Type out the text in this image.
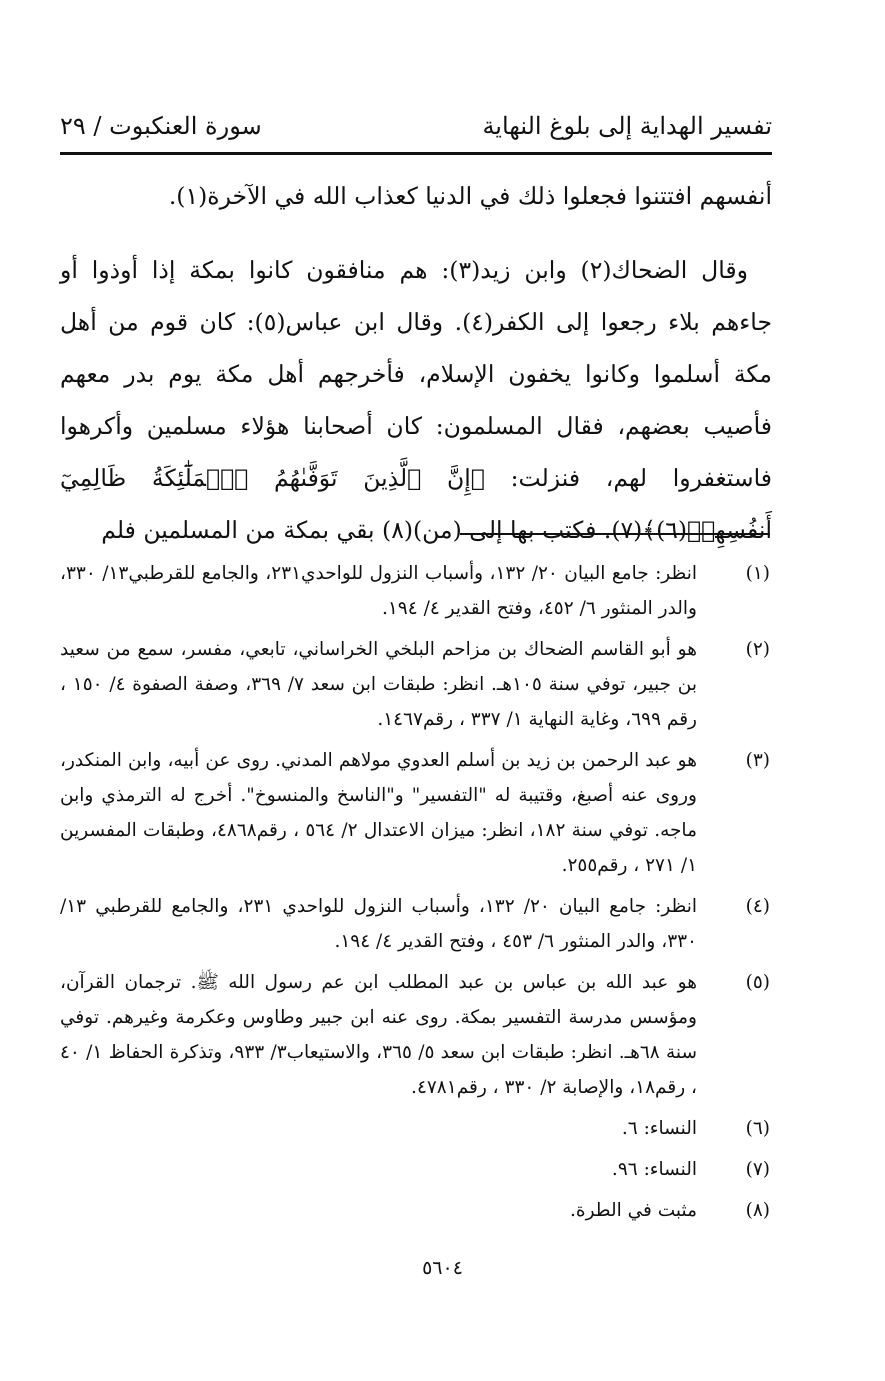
تفسير الهداية إلى بلوغ النهاية
سورة العنكبوت / ٢٩

أنفسهم افتتنوا فجعلوا ذلك في الدنيا كعذاب الله في الآخرة(١).

وقال الضحاك(٢) وابن زيد(٣): هم منافقون كانوا بمكة إذا أوذوا أو جاءهم بلاء رجعوا إلى الكفر(٤). وقال ابن عباس(٥): كان قوم من أهل مكة أسلموا وكانوا يخفون الإسلام، فأخرجهم أهل مكة يوم بدر معهم فأصيب بعضهم، فقال المسلمون: كان أصحابنا هؤلاء مسلمين وأكرهوا فاستغفروا لهم، فنزلت: ﴿إِنَّ ٱلَّذِينَ تَوَفَّىٰهُمُ ٱلۡمَلَٰٓئِكَةُ ظَالِمِيٓ أَنفُسِهِمۡ(٦)﴾(٧). فكتب بها إلى (من)(٨) بقي بمكة من المسلمين فلم

(١)
انظر: جامع البيان ٢٠/ ١٣٢، وأسباب النزول للواحدي٢٣١، والجامع للقرطبي١٣/ ٣٣٠، والدر المنثور ٦/ ٤٥٢، وفتح القدير ٤/ ١٩٤.
(٢)
هو أبو القاسم الضحاك بن مزاحم البلخي الخراساني، تابعي، مفسر، سمع من سعيد بن جبير، توفي سنة ١٠٥هـ. انظر: طبقات ابن سعد ٧/ ٣٦٩، وصفة الصفوة ٤/ ١٥٠ ، رقم ٦٩٩، وغاية النهاية ١/ ٣٣٧ ، رقم١٤٦٧.
(٣)
هو عبد الرحمن بن زيد بن أسلم العدوي مولاهم المدني. روى عن أبيه، وابن المنكدر، وروى عنه أصبغ، وقتيبة له "التفسير" و"الناسخ والمنسوخ". أخرج له الترمذي وابن ماجه. توفي سنة ١٨٢، انظر: ميزان الاعتدال ٢/ ٥٦٤ ، رقم٤٨٦٨، وطبقات المفسرين ١/ ٢٧١ ، رقم٢٥٥.
(٤)
انظر: جامع البيان ٢٠/ ١٣٢، وأسباب النزول للواحدي ٢٣١، والجامع للقرطبي ١٣/ ٣٣٠، والدر المنثور ٦/ ٤٥٣ ، وفتح القدير ٤/ ١٩٤.
(٥)
هو عبد الله بن عباس بن عبد المطلب ابن عم رسول الله ﷺ. ترجمان القرآن، ومؤسس مدرسة التفسير بمكة. روى عنه ابن جبير وطاوس وعكرمة وغيرهم. توفي سنة ٦٨هـ. انظر: طبقات ابن سعد ٥/ ٣٦٥، والاستيعاب٣/ ٩٣٣، وتذكرة الحفاظ ١/ ٤٠ ، رقم١٨، والإصابة ٢/ ٣٣٠ ، رقم٤٧٨١.
(٦)
النساء: ٦.
(٧)
النساء: ٩٦.
(٨)
مثبت في الطرة.
٥٦٠٤
